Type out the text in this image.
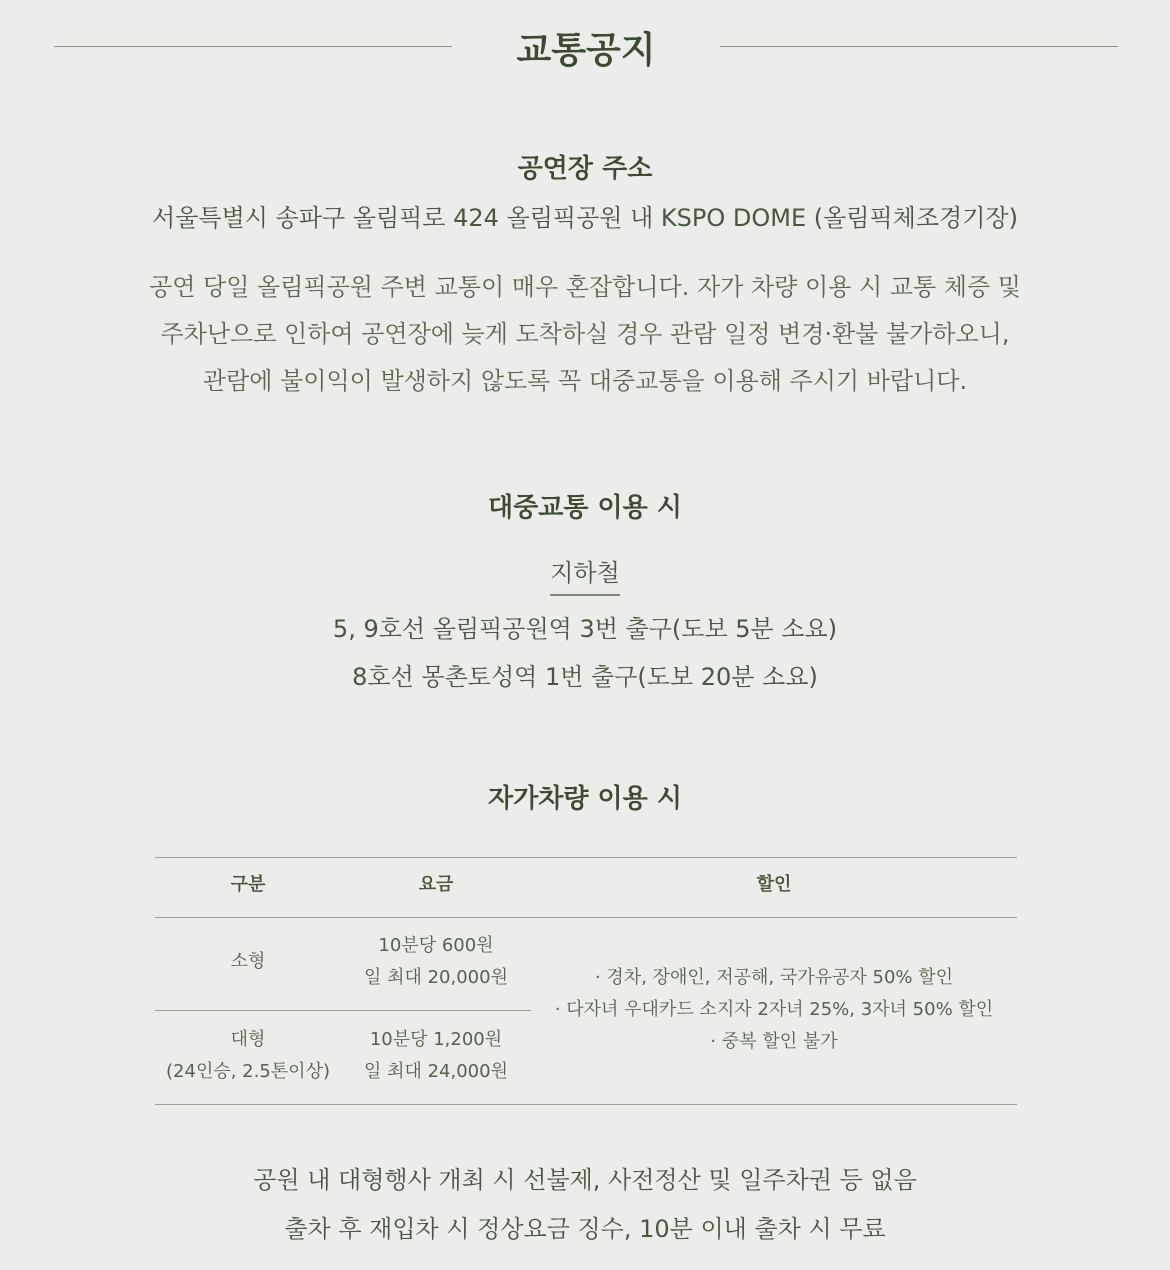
교통공지
공연장 주소
서울특별시 송파구 올림픽로 424 올림픽공원 내 KSPO DOME (올림픽체조경기장)
공연 당일 올림픽공원 주변 교통이 매우 혼잡합니다. 자가 차량 이용 시 교통 체증 및
주차난으로 인하여 공연장에 늦게 도착하실 경우 관람 일정 변경·환불 불가하오니,
관람에 불이익이 발생하지 않도록 꼭 대중교통을 이용해 주시기 바랍니다.
대중교통 이용 시
지하철
5, 9호선 올림픽공원역 3번 출구(도보 5분 소요)
8호선 몽촌토성역 1번 출구(도보 20분 소요)
자가차량 이용 시
구분	요금	할인
소형
10분당 600원
일 최대 20,000원
대형
(24인승, 2.5톤이상)
10분당 1,200원
일 최대 24,000원
· 경차, 장애인, 저공해, 국가유공자 50% 할인
· 다자녀 우대카드 소지자 2자녀 25%, 3자녀 50% 할인
· 중복 할인 불가
공원 내 대형행사 개최 시 선불제, 사전정산 및 일주차권 등 없음
출차 후 재입차 시 정상요금 징수, 10분 이내 출차 시 무료
